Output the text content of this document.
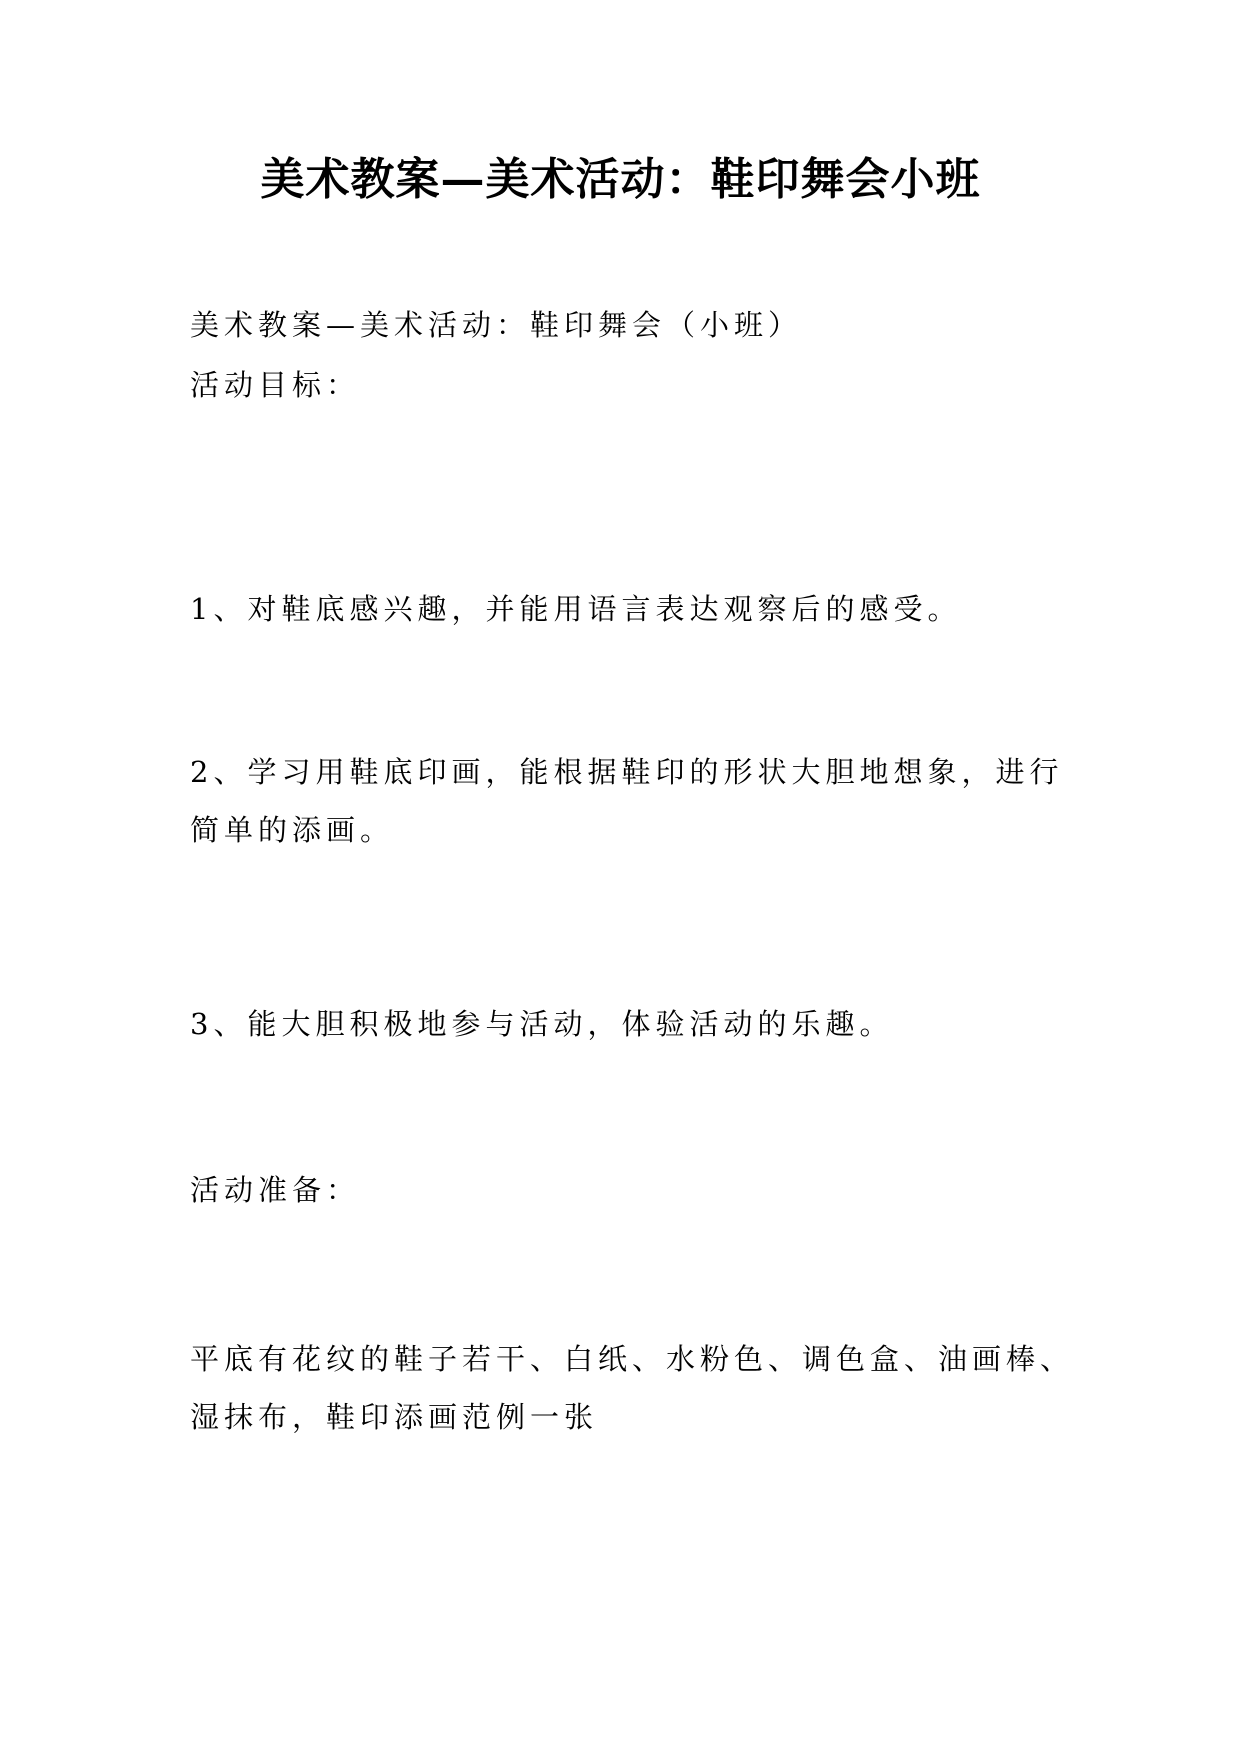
美术教案—美术活动：鞋印舞会小班

美术教案—美术活动：鞋印舞会（小班）

活动目标：

1、对鞋底感兴趣，并能用语言表达观察后的感受。

2、学习用鞋底印画，能根据鞋印的形状大胆地想象，进行
简单的添画。

3、能大胆积极地参与活动，体验活动的乐趣。

活动准备：

平底有花纹的鞋子若干、白纸、水粉色、调色盒、油画棒、
湿抹布，鞋印添画范例一张
